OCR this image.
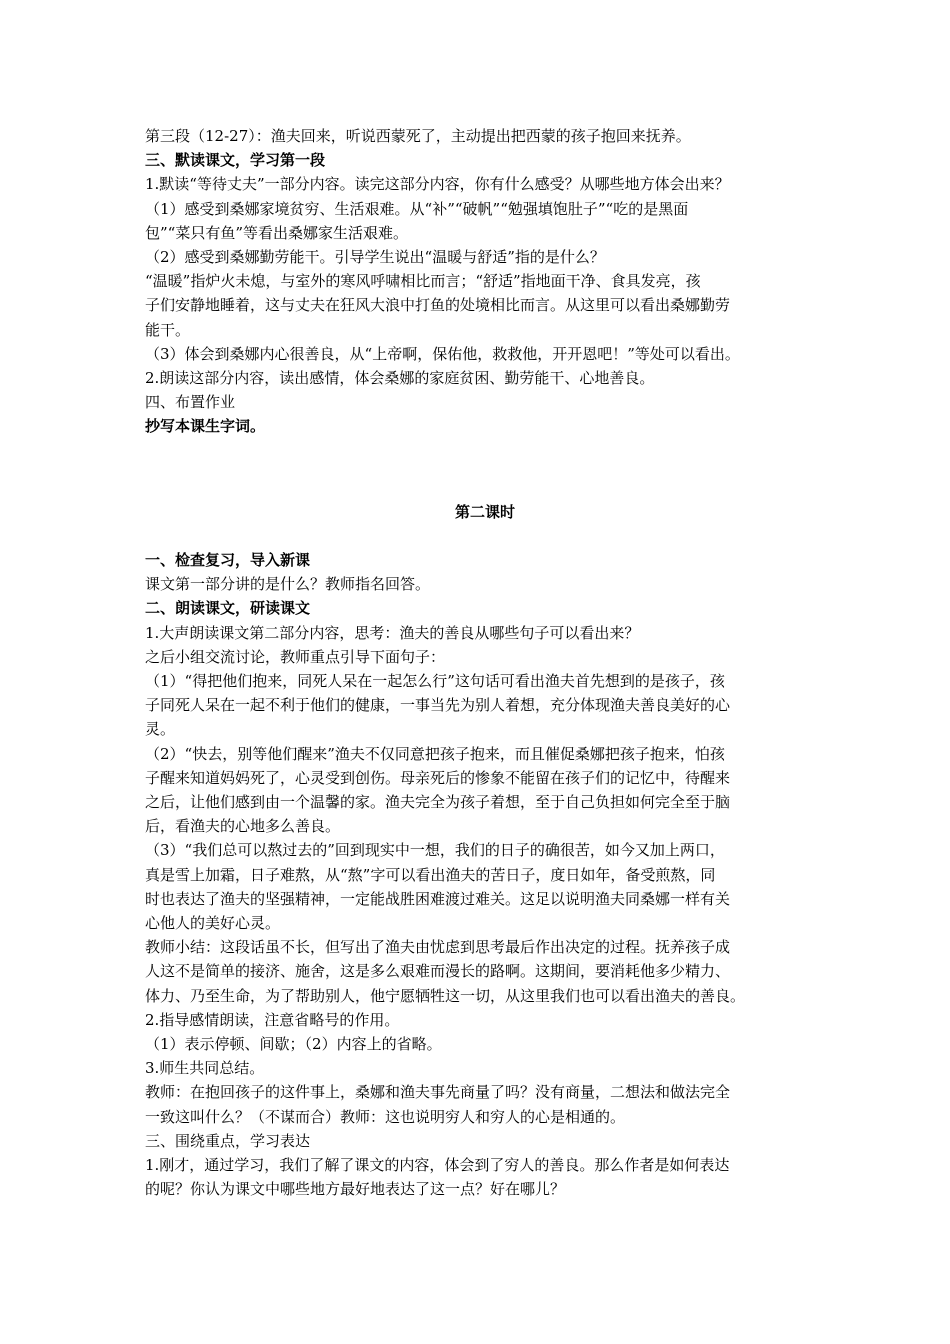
第三段（12-27）：渔夫回来，听说西蒙死了，主动提出把西蒙的孩子抱回来抚养。
三、默读课文，学习第一段
1.默读“等待丈夫”一部分内容。读完这部分内容，你有什么感受？从哪些地方体会出来？
（1）感受到桑娜家境贫穷、生活艰难。从“补”“破帆”“勉强填饱肚子”“吃的是黑面
包”“菜只有鱼”等看出桑娜家生活艰难。
（2）感受到桑娜勤劳能干。引导学生说出“温暖与舒适”指的是什么？
“温暖”指炉火未熄，与室外的寒风呼啸相比而言；“舒适”指地面干净、食具发亮，孩
子们安静地睡着，这与丈夫在狂风大浪中打鱼的处境相比而言。从这里可以看出桑娜勤劳
能干。
（3）体会到桑娜内心很善良，从“上帝啊，保佑他，救救他，开开恩吧！”等处可以看出。
2.朗读这部分内容，读出感情，体会桑娜的家庭贫困、勤劳能干、心地善良。
四、布置作业
抄写本课生字词。
第二课时
一、检查复习，导入新课
课文第一部分讲的是什么？教师指名回答。
二、朗读课文，研读课文
1.大声朗读课文第二部分内容，思考：渔夫的善良从哪些句子可以看出来？
之后小组交流讨论，教师重点引导下面句子：
（1）“得把他们抱来，同死人呆在一起怎么行”这句话可看出渔夫首先想到的是孩子，孩
子同死人呆在一起不利于他们的健康，一事当先为别人着想，充分体现渔夫善良美好的心
灵。
（2）“快去，别等他们醒来”渔夫不仅同意把孩子抱来，而且催促桑娜把孩子抱来，怕孩
子醒来知道妈妈死了，心灵受到创伤。母亲死后的惨象不能留在孩子们的记忆中，待醒来
之后，让他们感到由一个温馨的家。渔夫完全为孩子着想，至于自己负担如何完全至于脑
后，看渔夫的心地多么善良。
（3）“我们总可以熬过去的”回到现实中一想，我们的日子的确很苦，如今又加上两口，
真是雪上加霜，日子难熬，从“熬”字可以看出渔夫的苦日子，度日如年，备受煎熬，同
时也表达了渔夫的坚强精神，一定能战胜困难渡过难关。这足以说明渔夫同桑娜一样有关
心他人的美好心灵。
教师小结：这段话虽不长，但写出了渔夫由忧虑到思考最后作出决定的过程。抚养孩子成
人这不是简单的接济、施舍，这是多么艰难而漫长的路啊。这期间，要消耗他多少精力、
体力、乃至生命，为了帮助别人，他宁愿牺牲这一切，从这里我们也可以看出渔夫的善良。
2.指导感情朗读，注意省略号的作用。
（1）表示停顿、间歇；（2）内容上的省略。
3.师生共同总结。
教师：在抱回孩子的这件事上，桑娜和渔夫事先商量了吗？没有商量，二想法和做法完全
一致这叫什么？（不谋而合）教师：这也说明穷人和穷人的心是相通的。
三、围绕重点，学习表达
1.刚才，通过学习，我们了解了课文的内容，体会到了穷人的善良。那么作者是如何表达
的呢？你认为课文中哪些地方最好地表达了这一点？好在哪儿？
